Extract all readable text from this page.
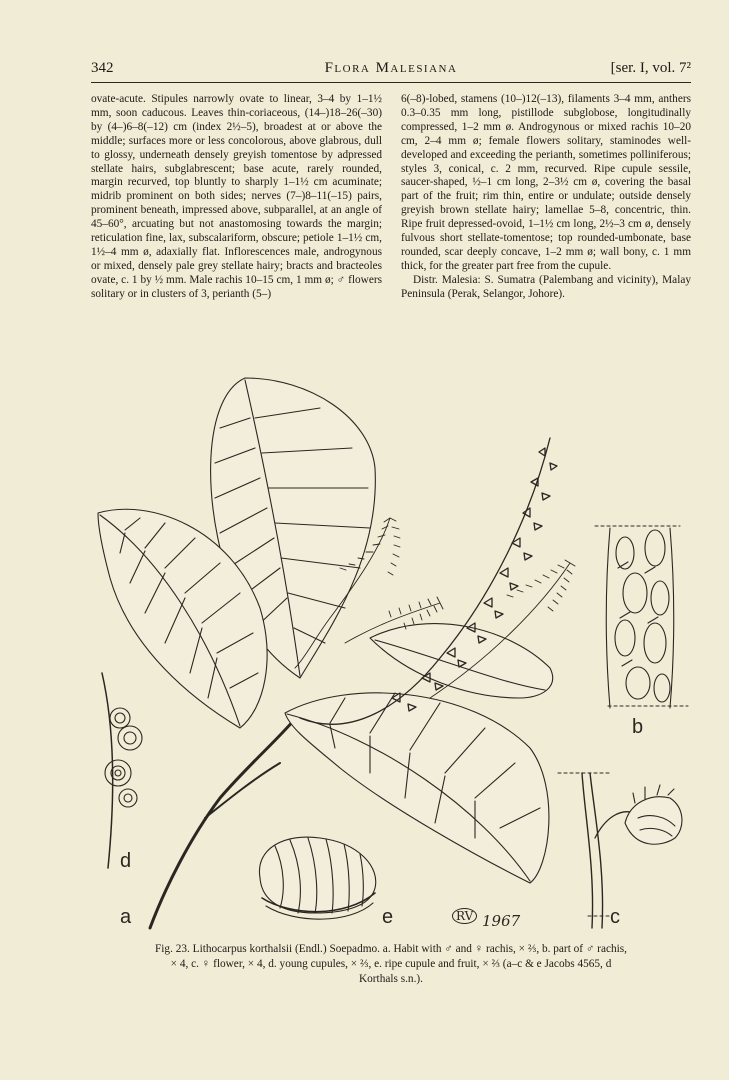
342	Flora Malesiana	[ser. I, vol. 7²

ovate-acute. Stipules narrowly ovate to linear, 3–4 by 1–1½ mm, soon caducous. Leaves thin-coriaceous, (14–)18–26(–30) by (4–)6–8(–12) cm (index 2½–5), broadest at or above the middle; surfaces more or less concolorous, above glabrous, dull to glossy, underneath densely greyish tomentose by adpressed stellate hairs, subglabrescent; base acute, rarely rounded, margin recurved, top bluntly to sharply 1–1½ cm acuminate; midrib prominent on both sides; nerves (7–)8–11(–15) pairs, prominent beneath, impressed above, subparallel, at an angle of 45–60°, arcuating but not anastomosing towards the margin; reticulation fine, lax, subscalariform, obscure; petiole 1–1½ cm, 1½–4 mm ø, adaxially flat. Inflorescences male, androgynous or mixed, densely pale grey stellate hairy; bracts and bracteoles ovate, c. 1 by ½ mm. Male rachis 10–15 cm, 1 mm ø; ♂ flowers solitary or in clusters of 3, perianth (5–)

6(–8)-lobed, stamens (10–)12(–13), filaments 3–4 mm, anthers 0.3–0.35 mm long, pistillode subglobose, longitudinally compressed, 1–2 mm ø. Androgynous or mixed rachis 10–20 cm, 2–4 mm ø; female flowers solitary, staminodes well-developed and exceeding the perianth, sometimes polliniferous; styles 3, conical, c. 2 mm, recurved. Ripe cupule sessile, saucer-shaped, ½–1 cm long, 2–3½ cm ø, covering the basal part of the fruit; rim thin, entire or undulate; outside densely greyish brown stellate hairy; lamellae 5–8, concentric, thin. Ripe fruit depressed-ovoid, 1–1½ cm long, 2½–3 cm ø, densely fulvous short stellate-tomentose; top rounded-umbonate, base rounded, scar deeply concave, 1–2 mm ø; wall bony, c. 1 mm thick, for the greater part free from the cupule.

Distr. Malesia: S. Sumatra (Palembang and vicinity), Malay Peninsula (Perak, Selangor, Johore).

a
b
c
d
e	RV 1967
Fig. 23. Lithocarpus korthalsii (Endl.) Soepadmo. a. Habit with ♂ and ♀ rachis, × ⅔, b. part of ♂ rachis,
× 4, c. ♀ flower, × 4, d. young cupules, × ⅔, e. ripe cupule and fruit, × ⅔ (a–c & e Jacobs 4565, d
Korthals s.n.).
